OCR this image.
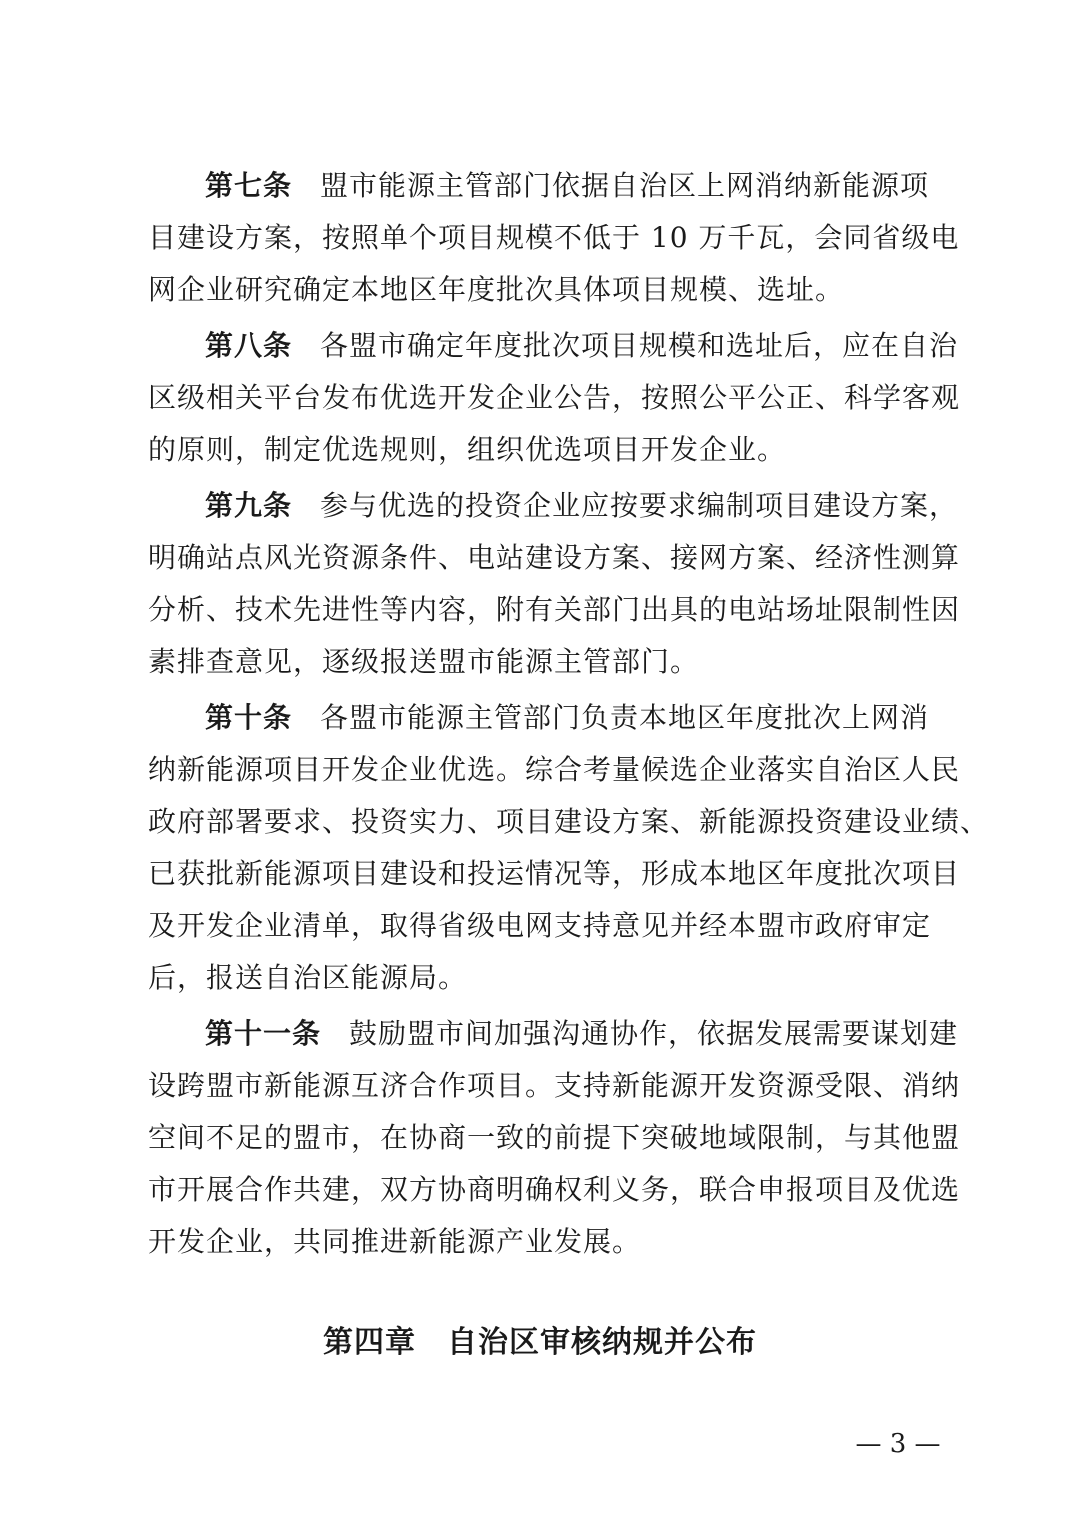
第七条 盟市能源主管部门依据自治区上网消纳新能源项
目建设方案，按照单个项目规模不低于 10 万千瓦，会同省级电
网企业研究确定本地区年度批次具体项目规模、选址。
第八条 各盟市确定年度批次项目规模和选址后，应在自治
区级相关平台发布优选开发企业公告，按照公平公正、科学客观
的原则，制定优选规则，组织优选项目开发企业。
第九条 参与优选的投资企业应按要求编制项目建设方案，
明确站点风光资源条件、电站建设方案、接网方案、经济性测算
分析、技术先进性等内容，附有关部门出具的电站场址限制性因
素排查意见，逐级报送盟市能源主管部门。
第十条 各盟市能源主管部门负责本地区年度批次上网消
纳新能源项目开发企业优选。综合考量候选企业落实自治区人民
政府部署要求、投资实力、项目建设方案、新能源投资建设业绩、
已获批新能源项目建设和投运情况等，形成本地区年度批次项目
及开发企业清单，取得省级电网支持意见并经本盟市政府审定
后，报送自治区能源局。
第十一条 鼓励盟市间加强沟通协作，依据发展需要谋划建
设跨盟市新能源互济合作项目。支持新能源开发资源受限、消纳
空间不足的盟市，在协商一致的前提下突破地域限制，与其他盟
市开展合作共建，双方协商明确权利义务，联合申报项目及优选
开发企业，共同推进新能源产业发展。
第四章　自治区审核纳规并公布
— 3 —
